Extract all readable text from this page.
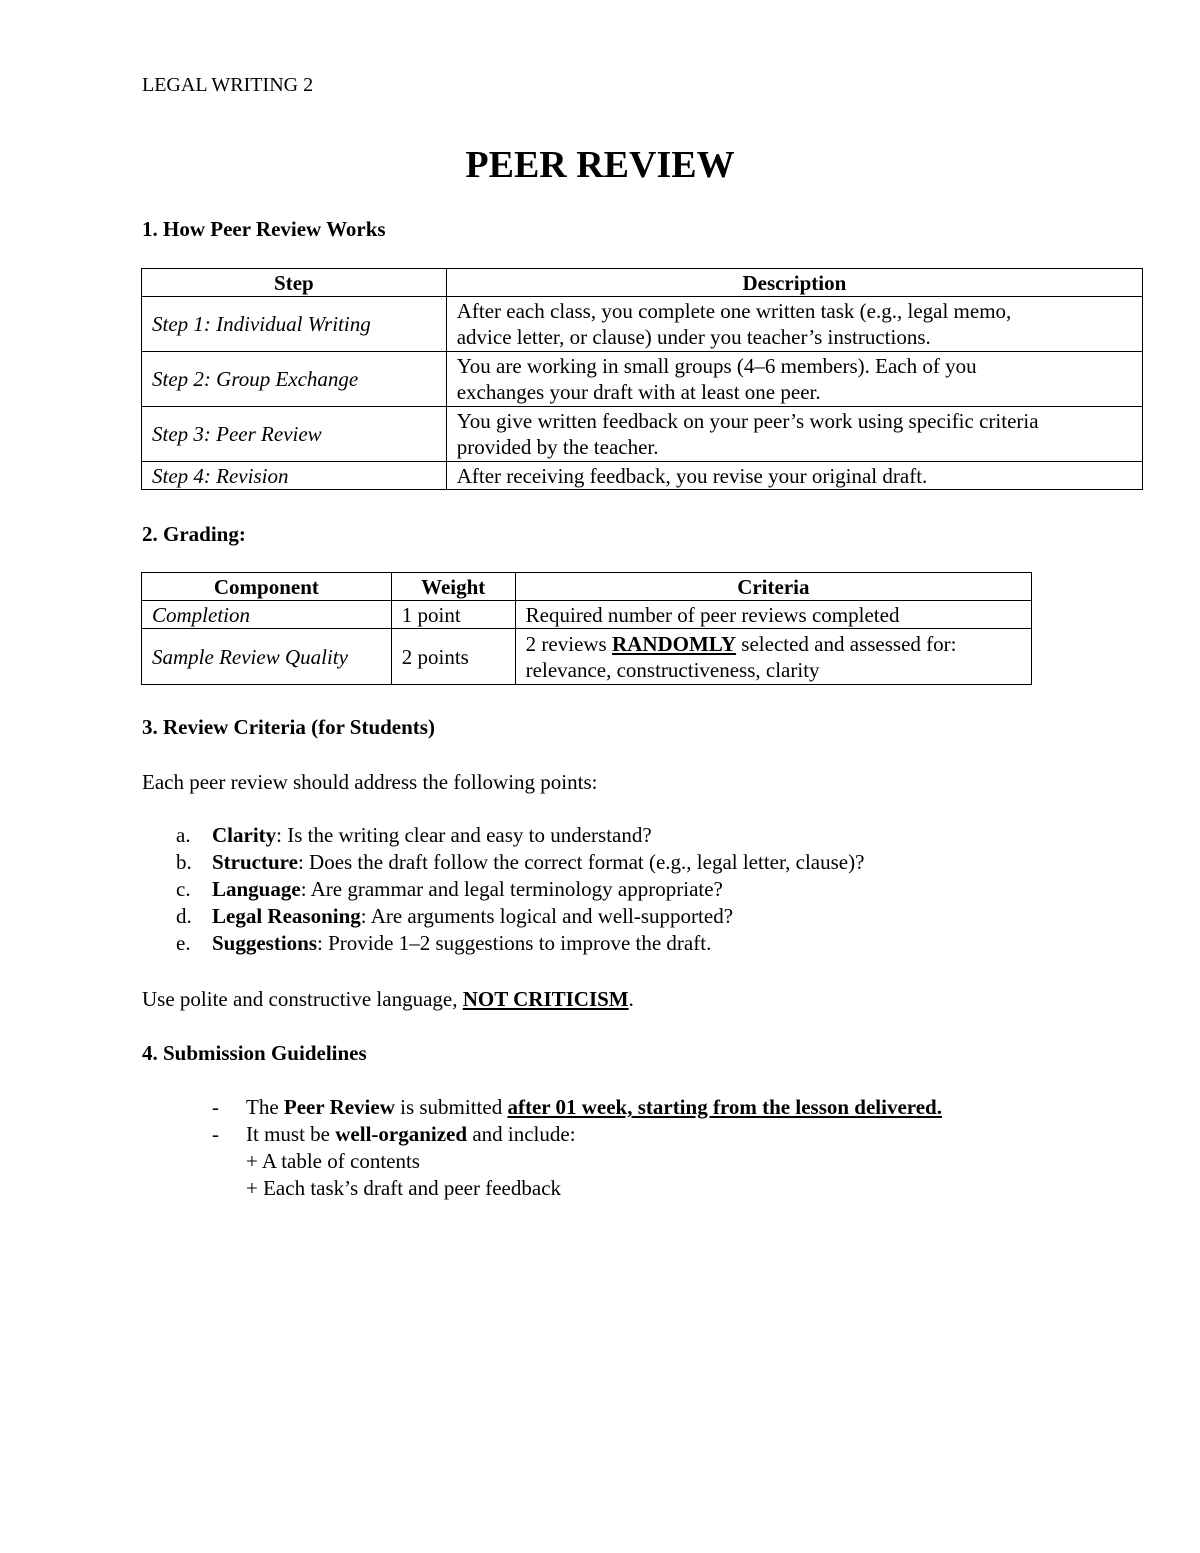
LEGAL WRITING 2
PEER REVIEW
1. How Peer Review Works
Step	Description
Step 1: Individual Writing	After each class, you complete one written task (e.g., legal memo,
advice letter, or clause) under you teacher’s instructions.
Step 2: Group Exchange	You are working in small groups (4–6 members). Each of you
exchanges your draft with at least one peer.
Step 3: Peer Review	You give written feedback on your peer’s work using specific criteria
provided by the teacher.
Step 4: Revision	After receiving feedback, you revise your original draft.
2. Grading:
Component	Weight	Criteria
Completion	1 point	Required number of peer reviews completed
Sample Review Quality	2 points	2 reviews RANDOMLY selected and assessed for:
relevance, constructiveness, clarity
3. Review Criteria (for Students)
Each peer review should address the following points:
a. Clarity: Is the writing clear and easy to understand?
b. Structure: Does the draft follow the correct format (e.g., legal letter, clause)?
c. Language: Are grammar and legal terminology appropriate?
d. Legal Reasoning: Are arguments logical and well-supported?
e. Suggestions: Provide 1–2 suggestions to improve the draft.
Use polite and constructive language, NOT CRITICISM.
4. Submission Guidelines
- The Peer Review is submitted after 01 week, starting from the lesson delivered.
- It must be well-organized and include:
+ A table of contents
+ Each task’s draft and peer feedback
